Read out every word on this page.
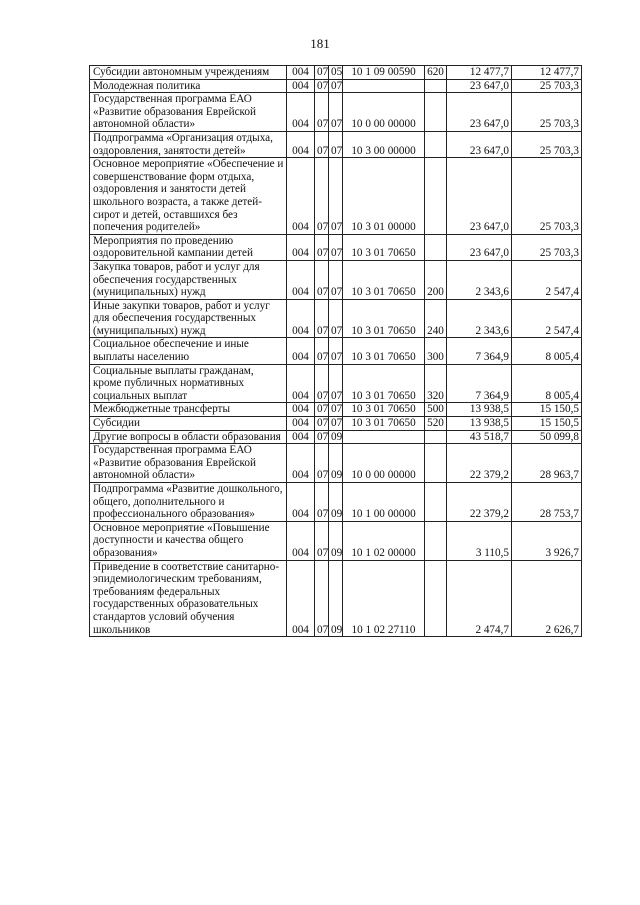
181
Субсидии автономным учреждениям	004	07	05	10 1 09 00590	620	12 477,7	12 477,7
Молодежная политика	004	07	07			23 647,0	25 703,3
Государственная программа ЕАО «Развитие образования Еврейской автономной области»	004	07	07	10 0 00 00000		23 647,0	25 703,3
Подпрограмма «Организация отдыха, оздоровления, занятости детей»	004	07	07	10 3 00 00000		23 647,0	25 703,3
Основное мероприятие «Обеспечение и совершенствование форм отдыха, оздоровления и занятости детей школьного возраста, а также детей-сирот и детей, оставшихся без попечения родителей»	004	07	07	10 3 01 00000		23 647,0	25 703,3
Мероприятия по проведению оздоровительной кампании детей	004	07	07	10 3 01 70650		23 647,0	25 703,3
Закупка товаров, работ и услуг для обеспечения государственных (муниципальных) нужд	004	07	07	10 3 01 70650	200	2 343,6	2 547,4
Иные закупки товаров, работ и услуг для обеспечения государственных (муниципальных) нужд	004	07	07	10 3 01 70650	240	2 343,6	2 547,4
Социальное обеспечение и иные выплаты населению	004	07	07	10 3 01 70650	300	7 364,9	8 005,4
Социальные выплаты гражданам, кроме публичных нормативных социальных выплат	004	07	07	10 3 01 70650	320	7 364,9	8 005,4
Межбюджетные трансферты	004	07	07	10 3 01 70650	500	13 938,5	15 150,5
Субсидии	004	07	07	10 3 01 70650	520	13 938,5	15 150,5
Другие вопросы в области образования	004	07	09			43 518,7	50 099,8
Государственная программа ЕАО «Развитие образования Еврейской автономной области»	004	07	09	10 0 00 00000		22 379,2	28 963,7
Подпрограмма «Развитие дошкольного, общего, дополнительного и профессионального образования»	004	07	09	10 1 00 00000		22 379,2	28 753,7
Основное мероприятие «Повышение доступности и качества общего образования»	004	07	09	10 1 02 00000		3 110,5	3 926,7
Приведение в соответствие санитарно-эпидемиологическим требованиям, требованиям федеральных государственных образовательных стандартов условий обучения школьников	004	07	09	10 1 02 27110		2 474,7	2 626,7
